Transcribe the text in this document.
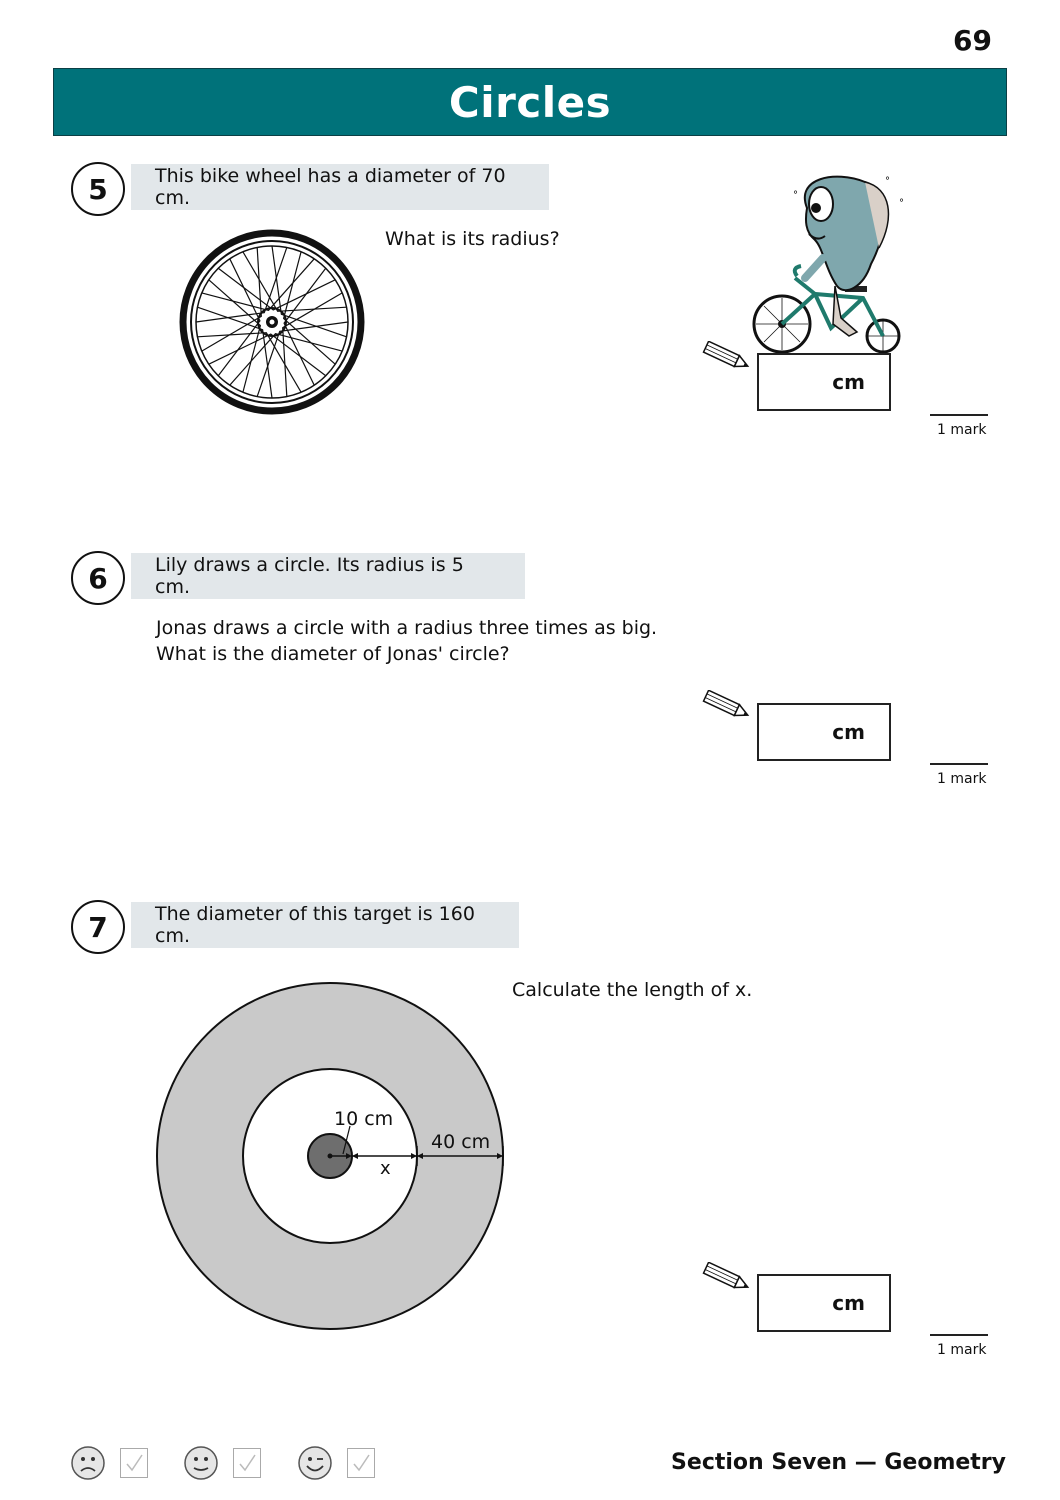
69
Circles
5	This bike wheel has a diameter of 70 cm.
What is its radius?
°
°
°
cm
1 mark
6	Lily draws a circle. Its radius is 5 cm.
Jonas draws a circle with a radius three times as big.
What is the diameter of Jonas' circle?
cm
1 mark
7	The diameter of this target is 160 cm.
Calculate the length of x.
10 cm
40 cm
x
cm
1 mark
Section Seven — Geometry
